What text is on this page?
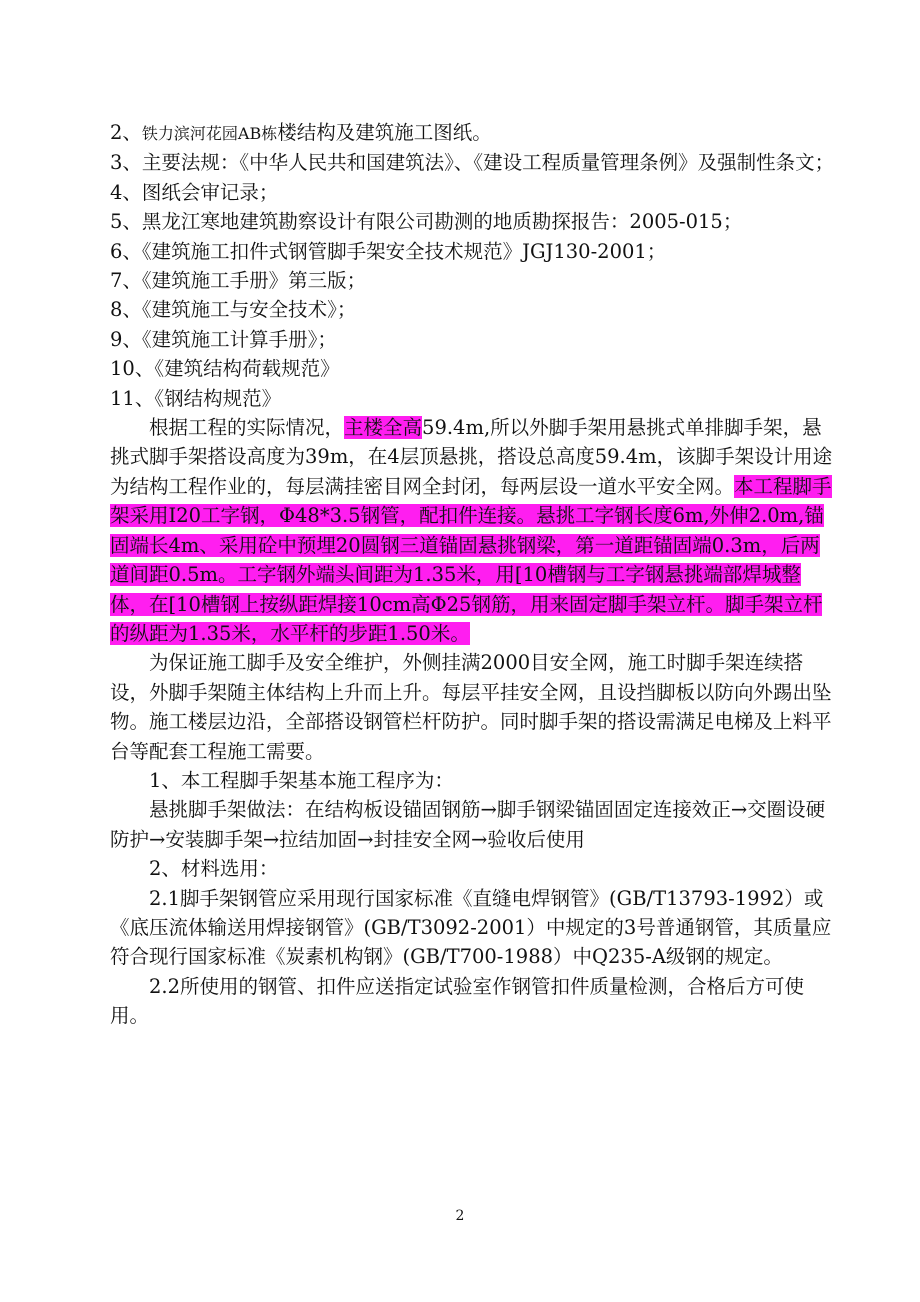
2、铁力滨河花园AB栋楼结构及建筑施工图纸。

3、主要法规：《中华人民共和国建筑法》、《建设工程质量管理条例》及强制性条文；

4、图纸会审记录；

5、黑龙江寒地建筑勘察设计有限公司勘测的地质勘探报告：2005-015；

6、《建筑施工扣件式钢管脚手架安全技术规范》JGJ130-2001；

7、《建筑施工手册》第三版；

8、《建筑施工与安全技术》；

9、《建筑施工计算手册》；

10、《建筑结构荷载规范》

11、《钢结构规范》

根据工程的实际情况，主楼全高59.4m,所以外脚手架用悬挑式单排脚手架，悬挑式脚手架搭设高度为39m，在4层顶悬挑，搭设总高度59.4m，该脚手架设计用途为结构工程作业的，每层满挂密目网全封闭，每两层设一道水平安全网。本工程脚手架采用Ⅰ20工字钢，Φ48*3.5钢管，配扣件连接。悬挑工字钢长度6m,外伸2.0m,锚固端长4m、采用砼中预埋20圆钢三道锚固悬挑钢梁，第一道距锚固端0.3m，后两道间距0.5m。工字钢外端头间距为1.35米，用[10槽钢与工字钢悬挑端部焊城整体，在[10槽钢上按纵距焊接10cm高Φ25钢筋，用来固定脚手架立杆。脚手架立杆的纵距为1.35米，水平杆的步距1.50米。

为保证施工脚手及安全维护，外侧挂满2000目安全网，施工时脚手架连续搭设，外脚手架随主体结构上升而上升。每层平挂安全网，且设挡脚板以防向外踢出坠物。施工楼层边沿，全部搭设钢管栏杆防护。同时脚手架的搭设需满足电梯及上料平台等配套工程施工需要。

1、本工程脚手架基本施工程序为：

悬挑脚手架做法：在结构板设锚固钢筋→脚手钢梁锚固固定连接效正→交圈设硬防护→安装脚手架→拉结加固→封挂安全网→验收后使用

2、材料选用：

2.1脚手架钢管应采用现行国家标准《直缝电焊钢管》(GB/T13793-1992）或《底压流体输送用焊接钢管》(GB/T3092-2001）中规定的3号普通钢管，其质量应符合现行国家标准《炭素机构钢》(GB/T700-1988）中Q235-A级钢的规定。

2.2所使用的钢管、扣件应送指定试验室作钢管扣件质量检测，合格后方可使用。

2
